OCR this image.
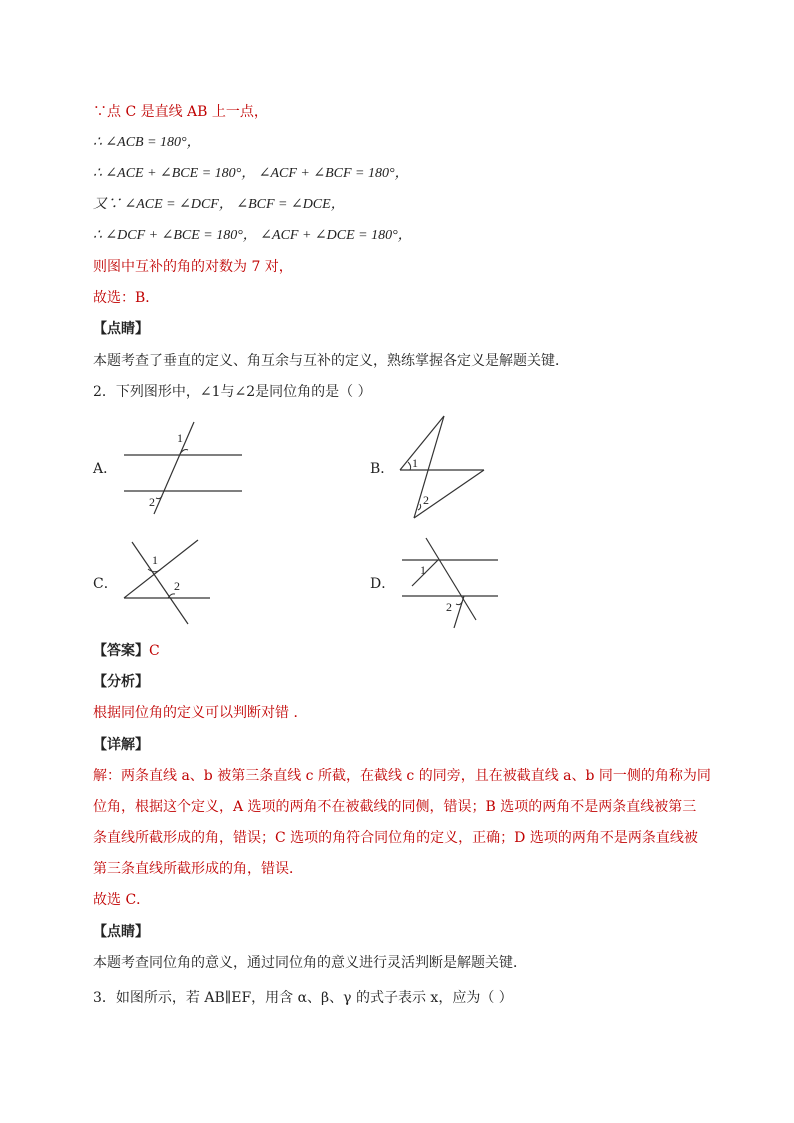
∵点 C 是直线 AB 上一点，
∴ ∠ACB = 180°，
∴ ∠ACE + ∠BCE = 180°， ∠ACF + ∠BCF = 180°，
又∵ ∠ACE = ∠DCF， ∠BCF = ∠DCE，
∴ ∠DCF + ∠BCE = 180°， ∠ACF + ∠DCE = 180°，
则图中互补的角的对数为 7 对，
故选：B．
【点睛】
本题考查了垂直的定义、角互余与互补的定义，熟练掌握各定义是解题关键．
2．下列图形中，∠1与∠2是同位角的是（ ）
A．
1
2
B． 1
2
C．
1
2	D．
1
2
【答案】C
【分析】
根据同位角的定义可以判断对错 ．
【详解】
解：两条直线 a、b 被第三条直线 c 所截，在截线 c 的同旁，且在被截直线 a、b 同一侧的角称为同
位角，根据这个定义，A 选项的两角不在被截线的同侧，错误；B 选项的两角不是两条直线被第三
条直线所截形成的角，错误；C 选项的角符合同位角的定义，正确；D 选项的两角不是两条直线被
第三条直线所截形成的角，错误．
故选 C．
【点睛】
本题考查同位角的意义，通过同位角的意义进行灵活判断是解题关键．
3．如图所示，若 AB∥EF，用含 α、β、γ 的式子表示 x，应为（ ）
